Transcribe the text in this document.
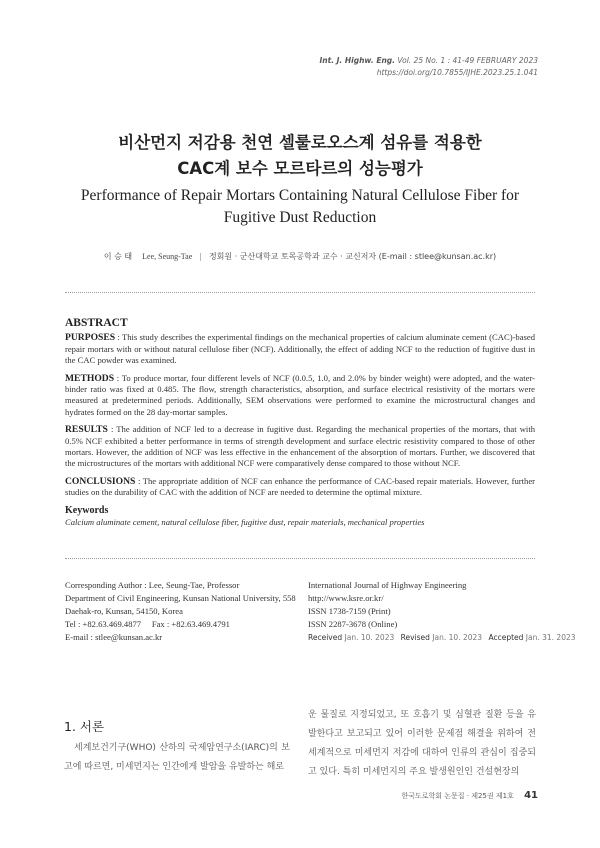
Int. J. Highw. Eng. Vol. 25 No. 1 : 41-49 FEBRUARY 2023
https://doi.org/10.7855/IJHE.2023.25.1.041
비산먼지 저감용 천연 셀룰로오스계 섬유를 적용한
CAC계 보수 모르타르의 성능평가
Performance of Repair Mortars Containing Natural Cellulose Fiber for
Fugitive Dust Reduction
이 승 태 Lee, Seung-Tae | 정회원 · 군산대학교 토목공학과 교수 · 교신저자 (E-mail : stlee@kunsan.ac.kr)
ABSTRACT

PURPOSES : This study describes the experimental findings on the mechanical properties of calcium aluminate cement (CAC)-based repair mortars with or without natural cellulose fiber (NCF). Additionally, the effect of adding NCF to the reduction of fugitive dust in the CAC powder was examined.

METHODS : To produce mortar, four different levels of NCF (0.0.5, 1.0, and 2.0% by binder weight) were adopted, and the water-binder ratio was fixed at 0.485. The flow, strength characteristics, absorption, and surface electrical resistivity of the mortars were measured at predetermined periods. Additionally, SEM observations were performed to examine the microstructural changes and hydrates formed on the 28 day-mortar samples.

RESULTS : The addition of NCF led to a decrease in fugitive dust. Regarding the mechanical properties of the mortars, that with 0.5% NCF exhibited a better performance in terms of strength development and surface electric resistivity compared to those of other mortars. However, the addition of NCF was less effective in the enhancement of the absorption of mortars. Further, we discovered that the microstructures of the mortars with additional NCF were comparatively dense compared to those without NCF.

CONCLUSIONS : The appropriate addition of NCF can enhance the performance of CAC-based repair materials. However, further studies on the durability of CAC with the addition of NCF are needed to determine the optimal mixture.

Keywords
Calcium aluminate cement, natural cellulose fiber, fugitive dust, repair materials, mechanical properties
Corresponding Author : Lee, Seung-Tae, Professor
Department of Civil Engineering, Kunsan National University, 558
Daehak-ro, Kunsan, 54150, Korea
Tel : +82.63.469.4877     Fax : +82.63.469.4791
E-mail : stlee@kunsan.ac.kr
International Journal of Highway Engineering
http://www.ksre.or.kr/
ISSN 1738-7159 (Print)
ISSN 2287-3678 (Online)
Received Jan. 10. 2023 Revised Jan. 10. 2023 Accepted Jan. 31. 2023
1. 서론
세계보건기구(WHO) 산하의 국제암연구소(IARC)의 보고에 따르면, 미세먼지는 인간에게 발암을 유발하는 해로
운 물질로 지정되었고, 또 호흡기 및 심혈관 질환 등을 유발한다고 보고되고 있어 이러한 문제점 해결을 위하여 전 세계적으로 미세먼지 저감에 대하여 인류의 관심이 집중되고 있다. 특히 미세먼지의 주요 발생원인인 건설현장의
한국도로학회 논문집 · 제25권 제1호 41
